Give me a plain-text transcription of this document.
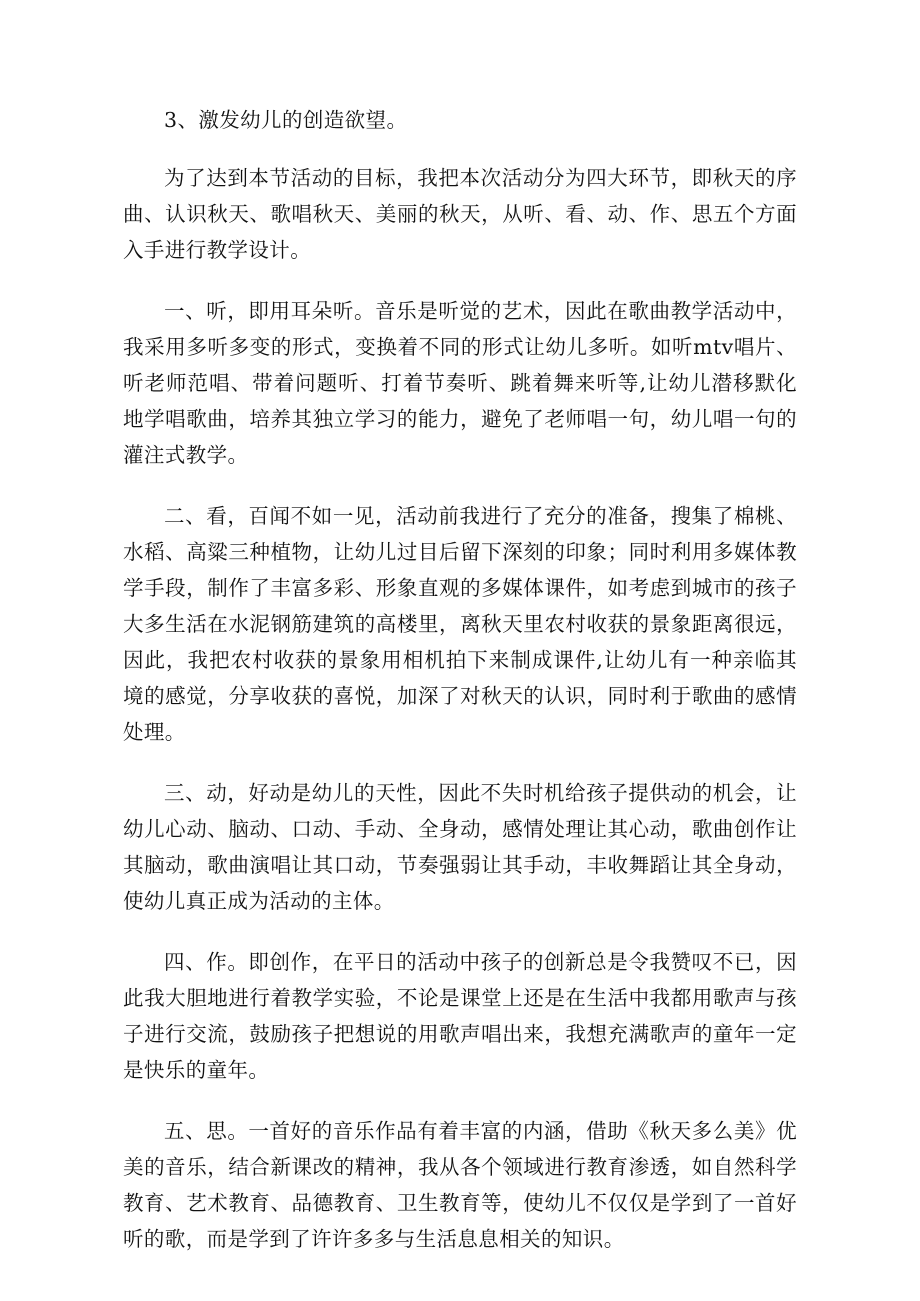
3、激发幼儿的创造欲望。

为了达到本节活动的目标，我把本次活动分为四大环节，即秋天的序曲、认识秋天、歌唱秋天、美丽的秋天，从听、看、动、作、思五个方面入手进行教学设计。

一、听，即用耳朵听。音乐是听觉的艺术，因此在歌曲教学活动中，我采用多听多变的形式，变换着不同的形式让幼儿多听。如听mtv唱片、听老师范唱、带着问题听、打着节奏听、跳着舞来听等,让幼儿潜移默化地学唱歌曲，培养其独立学习的能力，避免了老师唱一句，幼儿唱一句的灌注式教学。

二、看，百闻不如一见，活动前我进行了充分的准备，搜集了棉桃、水稻、高粱三种植物，让幼儿过目后留下深刻的印象；同时利用多媒体教学手段，制作了丰富多彩、形象直观的多媒体课件，如考虑到城市的孩子大多生活在水泥钢筋建筑的高楼里，离秋天里农村收获的景象距离很远，因此，我把农村收获的景象用相机拍下来制成课件,让幼儿有一种亲临其境的感觉，分享收获的喜悦，加深了对秋天的认识，同时利于歌曲的感情处理。

三、动，好动是幼儿的天性，因此不失时机给孩子提供动的机会，让幼儿心动、脑动、口动、手动、全身动，感情处理让其心动，歌曲创作让其脑动，歌曲演唱让其口动，节奏强弱让其手动，丰收舞蹈让其全身动，使幼儿真正成为活动的主体。

四、作。即创作，在平日的活动中孩子的创新总是令我赞叹不已，因此我大胆地进行着教学实验，不论是课堂上还是在生活中我都用歌声与孩子进行交流，鼓励孩子把想说的用歌声唱出来，我想充满歌声的童年一定是快乐的童年。

五、思。一首好的音乐作品有着丰富的内涵，借助《秋天多么美》优美的音乐，结合新课改的精神，我从各个领域进行教育渗透，如自然科学教育、艺术教育、品德教育、卫生教育等，使幼儿不仅仅是学到了一首好听的歌，而是学到了许许多多与生活息息相关的知识。
